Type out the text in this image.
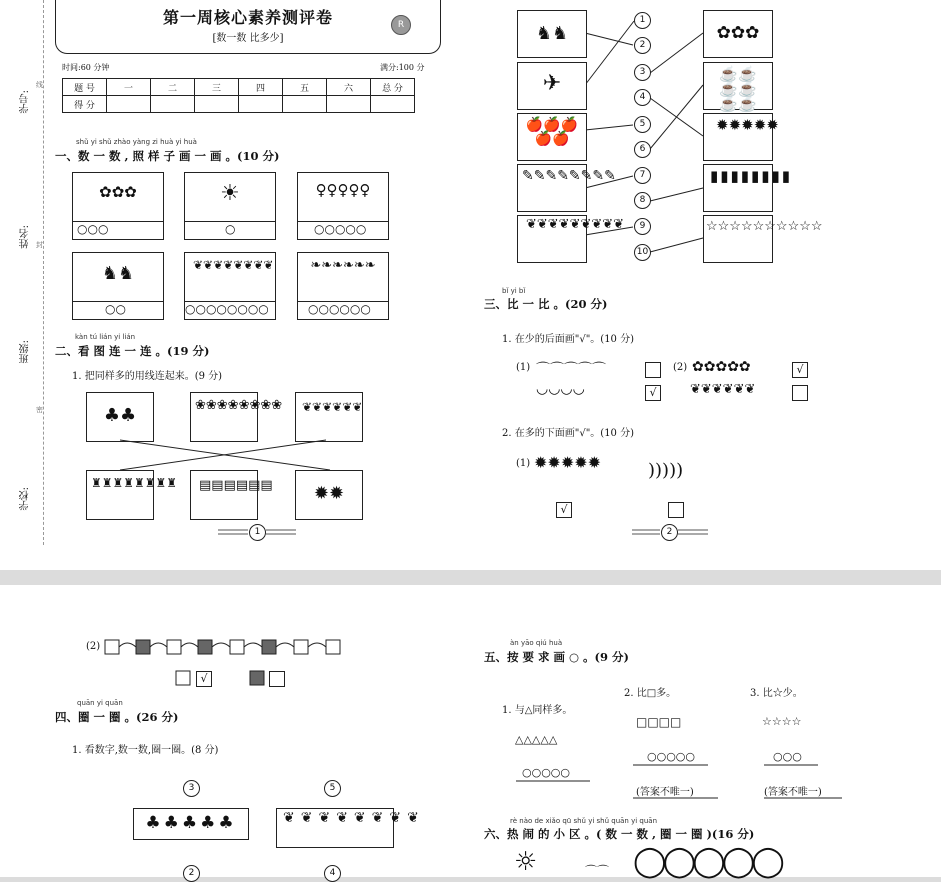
学号:
姓名:
班级:
学校:
线
封
密
第一周核心素养测评卷
[数一数 比多少]
R
时间:60 分钟	满分:100 分
题 号	一	二	三	四	五	六	总 分
得 分							
shǔ yi shǔ zhào yàng zi huà yi huà
一、数 一 数 , 照 样 子 画 一 画 。(10 分)
✿✿✿
○○○
☀
○
♀♀♀♀♀
○○○○○
♞♞
○○
❦❦❦❦❦❦❦❦
○○○○○○○○
❧❧❧❧❧❧
○○○○○○
kàn tú lián yi lián
二、看 图 连 一 连 。(19 分)
1. 把同样多的用线连起来。(9 分)
♣♣	❀❀❀❀❀❀❀❀ ❦❦❦❦❦❦
♜♜♜♜♜♜♜♜ ▤▤▤▤▤▤	✹✹
1
♞♞
✈
🍎🍎🍎🍎🍎
✎✎✎✎✎✎✎✎
❦❦❦❦❦❦❦❦❦
1
2
3
4
5
6
7
8
9
10
✿✿✿
☕☕☕☕☕☕
✹✹✹✹✹
▮▮▮▮▮▮▮▮
☆☆☆☆☆☆☆☆☆☆
bǐ yi bǐ
三、比 一 比 。(20 分)
1. 在少的后面画"√"。(10 分)
(1) ⌒⌒⌒⌒⌒
◡◡◡◡	√
(2) ✿✿✿✿✿	√
❦❦❦❦❦❦
2. 在多的下面画"√"。(10 分)
(1) ✹✹✹✹✹	)))))
√
2
(2)
√
quān yi quān
四、圈 一 圈 。(26 分)
1. 看数字,数一数,圈一圈。(8 分)
3	5
♣♣♣♣♣	❦❦❦❦❦❦❦❦
2	4
àn yāo qiú huà
五、按 要 求 画 ○ 。(9 分)
1. 与△同样多。
△△△△△
○○○○○
2. 比□多。
□□□□
○○○○○
(答案不唯一)
3. 比☆少。
☆☆☆☆
○○○
(答案不唯一)
rè nào de xiǎo qū shǔ yi shǔ quān yi quān
六、热 闹 的 小 区 。( 数 一 数 , 圈 一 圈 )(16 分)
☼	⌒⌒ ◯◯◯◯◯
